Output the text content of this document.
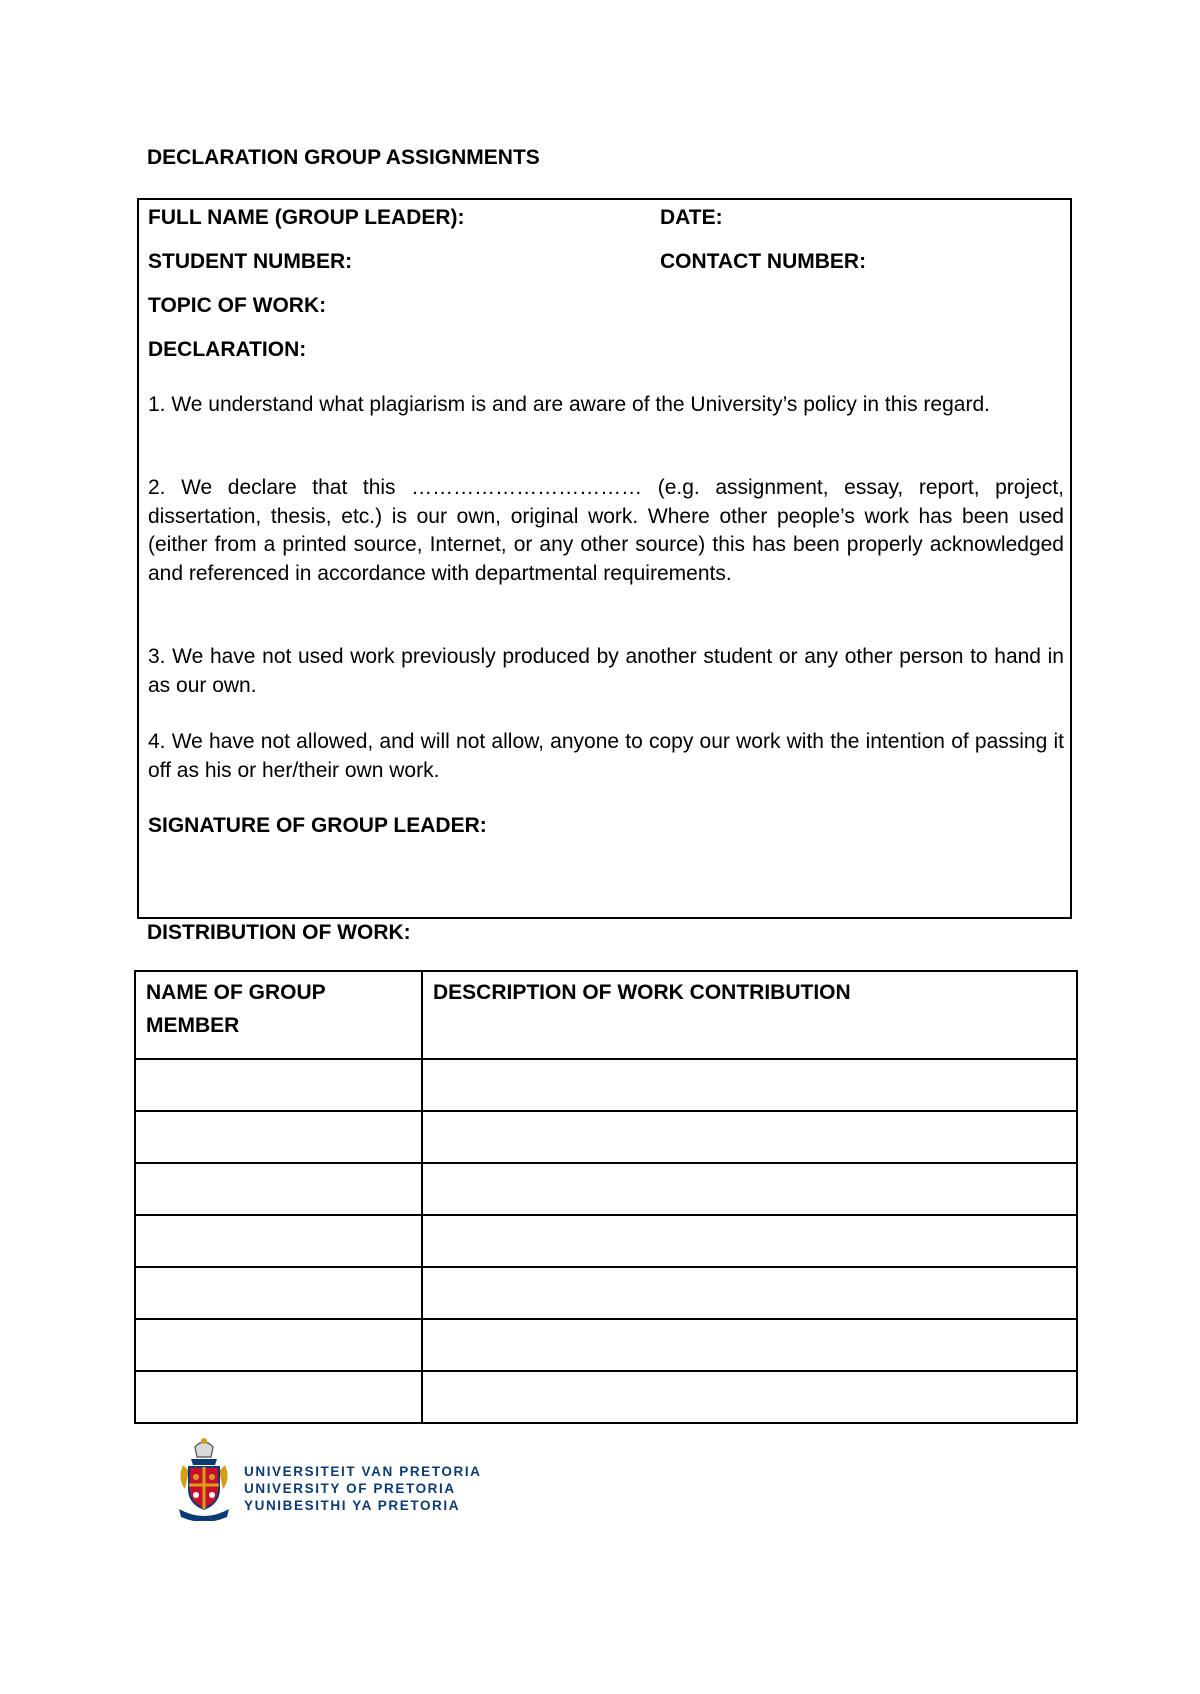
DECLARATION GROUP ASSIGNMENTS
FULL NAME (GROUP LEADER):	DATE:
STUDENT NUMBER:	CONTACT NUMBER:
TOPIC OF WORK:
DECLARATION:

1. We understand what plagiarism is and are aware of the University’s policy in this regard.

2. We declare that this …………………………… (e.g. assignment, essay, report, project, dissertation, thesis, etc.) is our own, original work. Where other people’s work has been used (either from a printed source, Internet, or any other source) this has been properly acknowledged and referenced in accordance with departmental requirements.

3. We have not used work previously produced by another student or any other person to hand in as our own.

4. We have not allowed, and will not allow, anyone to copy our work with the intention of passing it off as his or her/their own work.

SIGNATURE OF GROUP LEADER:
DISTRIBUTION OF WORK:
NAME OF GROUP MEMBER	DESCRIPTION OF WORK CONTRIBUTION

UNIVERSITEIT VAN PRETORIA
UNIVERSITY OF PRETORIA
YUNIBESITHI YA PRETORIA
